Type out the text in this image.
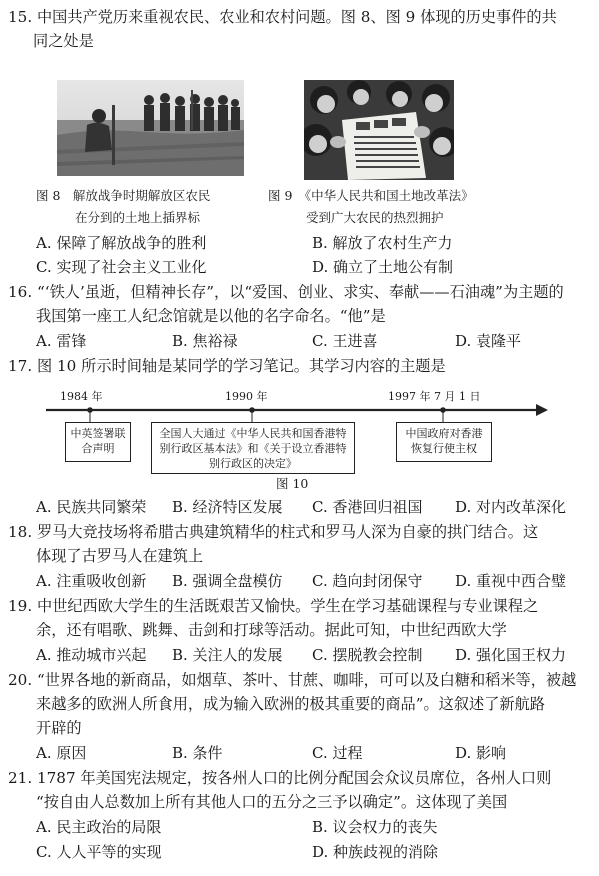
15. 中国共产党历来重视农民、农业和农村问题。图 8、图 9 体现的历史事件的共
同之处是
图 8　解放战争时期解放区农民
在分到的土地上插界标
图 9　《中华人民共和国土地改革法》
受到广大农民的热烈拥护
A. 保障了解放战争的胜利	B. 解放了农村生产力
C. 实现了社会主义工业化	D. 确立了土地公有制
16. “‘铁人’虽逝，但精神长存”，以“爱国、创业、求实、奉献——石油魂”为主题的
我国第一座工人纪念馆就是以他的名字命名。“他”是
A. 雷锋	B. 焦裕禄	C. 王进喜	D. 袁隆平
17. 图 10 所示时间轴是某同学的学习笔记。其学习内容的主题是
1984 年	1990 年	1997 年 7 月 1 日
中英签署联合声明
全国人大通过《中华人民共和国香港特别行政区基本法》和《关于设立香港特别行政区的决定》
中国政府对香港恢复行使主权
图 10
A. 民族共同繁荣 B. 经济特区发展 C. 香港回归祖国 D. 对内改革深化
18. 罗马大竞技场将希腊古典建筑精华的柱式和罗马人深为自豪的拱门结合。这
体现了古罗马人在建筑上
A. 注重吸收创新 B. 强调全盘模仿 C. 趋向封闭保守 D. 重视中西合璧
19. 中世纪西欧大学生的生活既艰苦又愉快。学生在学习基础课程与专业课程之
余，还有唱歌、跳舞、击剑和打球等活动。据此可知，中世纪西欧大学
A. 推动城市兴起 B. 关注人的发展 C. 摆脱教会控制 D. 强化国王权力
20. “世界各地的新商品，如烟草、茶叶、甘蔗、咖啡，可可以及白糖和稻米等，被越
来越多的欧洲人所食用，成为输入欧洲的极其重要的商品”。这叙述了新航路
开辟的
A. 原因	B. 条件	C. 过程	D. 影响
21. 1787 年美国宪法规定，按各州人口的比例分配国会众议员席位，各州人口则
“按自由人总数加上所有其他人口的五分之三予以确定”。这体现了美国
A. 民主政治的局限	B. 议会权力的丧失
C. 人人平等的实现	D. 种族歧视的消除
